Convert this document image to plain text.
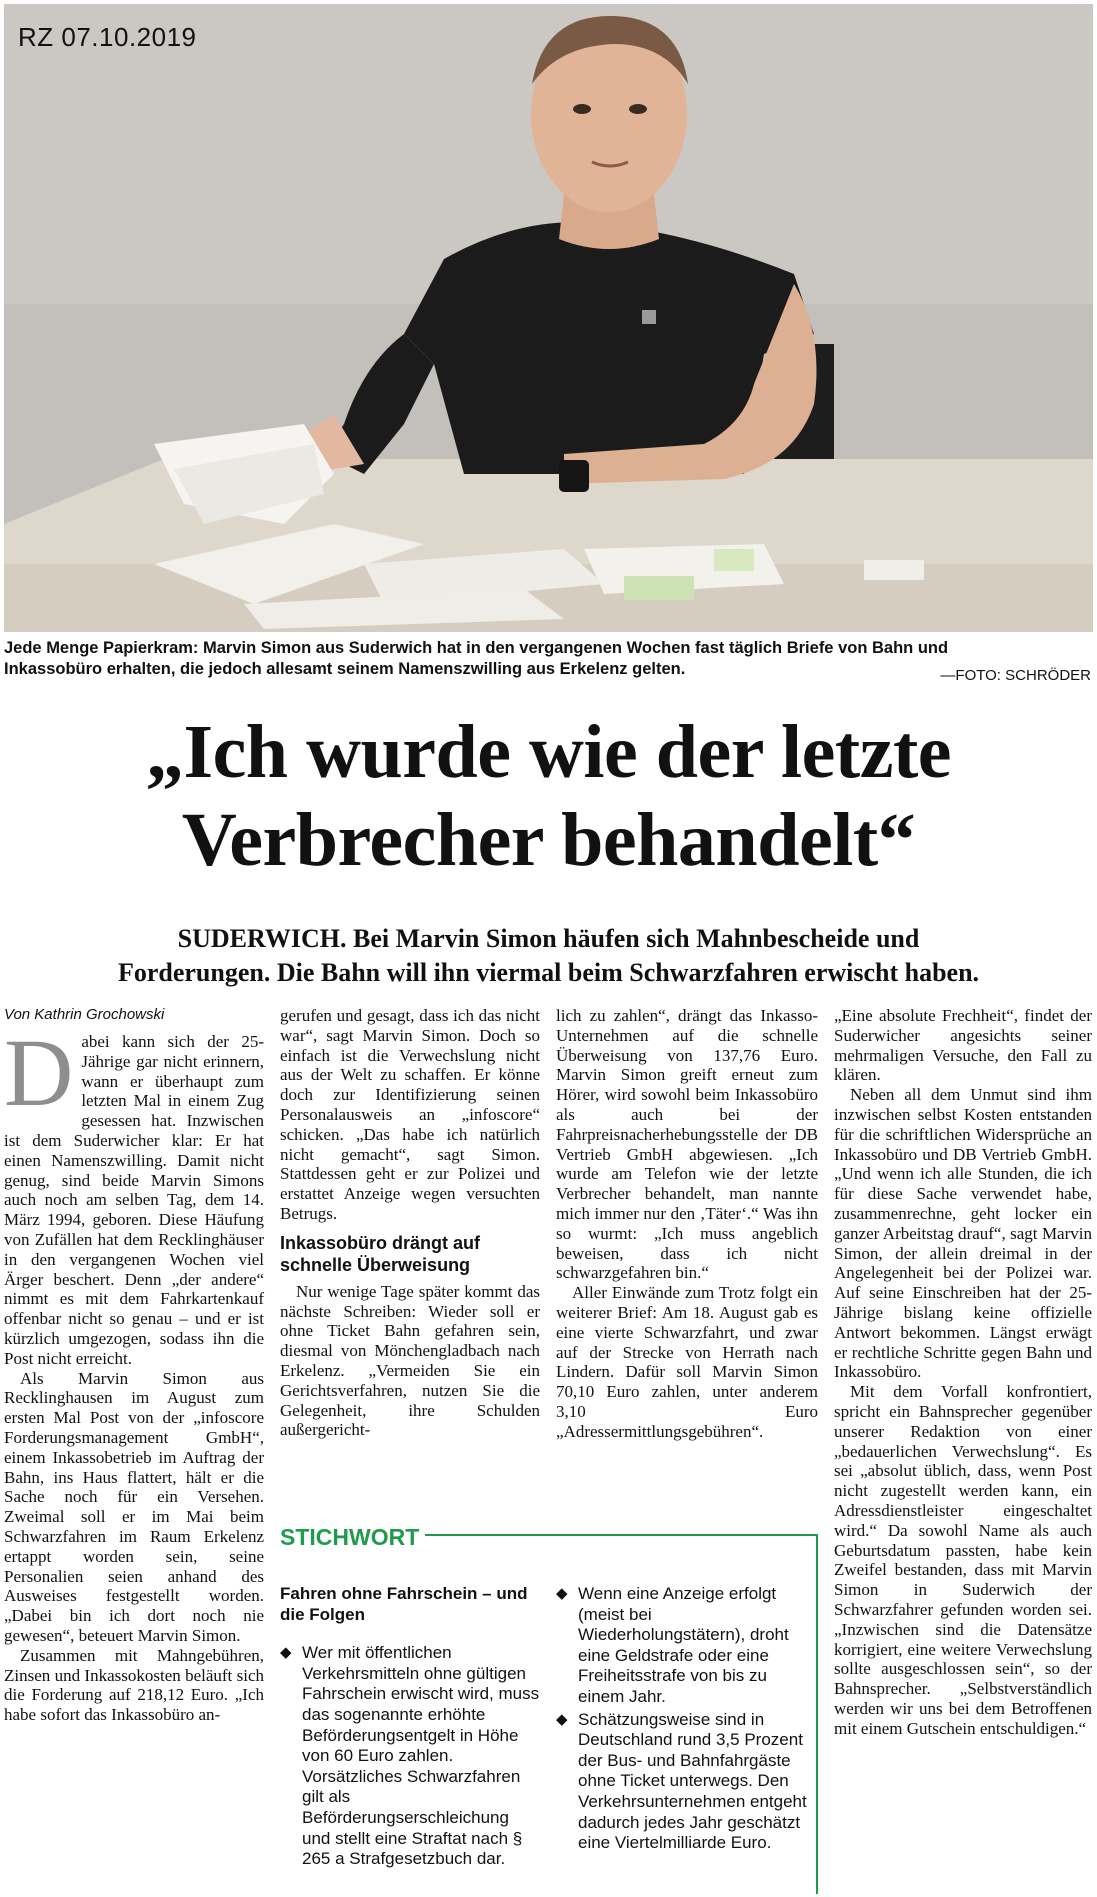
RZ 07.10.2019
Jede Menge Papierkram: Marvin Simon aus Suderwich hat in den vergangenen Wochen fast täglich Briefe von Bahn und
Inkassobüro erhalten, die jedoch allesamt seinem Namenszwilling aus Erkelenz gelten.	—FOTO: SCHRÖDER
„Ich wurde wie der letzte
Verbrecher behandelt“
SUDERWICH. Bei Marvin Simon häufen sich Mahnbescheide und
Forderungen. Die Bahn will ihn viermal beim Schwarzfahren erwischt haben.
Von Kathrin Grochowski
D abei kann sich der 25-Jährige gar nicht erinnern, wann er überhaupt zum letzten Mal in einem Zug gesessen hat. Inzwischen ist dem Suderwicher klar: Er hat einen Namenszwilling. Damit nicht genug, sind beide Marvin Simons auch noch am selben Tag, dem 14. März 1994, geboren. Diese Häufung von Zufällen hat dem Recklinghäuser in den vergangenen Wochen viel Ärger beschert. Denn „der andere“ nimmt es mit dem Fahrkartenkauf offenbar nicht so genau – und er ist kürzlich umgezogen, sodass ihn die Post nicht erreicht.

Als Marvin Simon aus Recklinghausen im August zum ersten Mal Post von der „infoscore Forderungsmanagement GmbH“, einem Inkassobetrieb im Auftrag der Bahn, ins Haus flattert, hält er die Sache noch für ein Versehen. Zweimal soll er im Mai beim Schwarzfahren im Raum Erkelenz ertappt worden sein, seine Personalien seien anhand des Ausweises festgestellt worden. „Dabei bin ich dort noch nie gewesen“, beteuert Marvin Simon.

Zusammen mit Mahngebühren, Zinsen und Inkassokosten beläuft sich die Forderung auf 218,12 Euro. „Ich habe sofort das Inkassobüro an-

gerufen und gesagt, dass ich das nicht war“, sagt Marvin Simon. Doch so einfach ist die Verwechslung nicht aus der Welt zu schaffen. Er könne doch zur Identifizierung seinen Personalausweis an „infoscore“ schicken. „Das habe ich natürlich nicht gemacht“, sagt Simon. Stattdessen geht er zur Polizei und erstattet Anzeige wegen versuchten Betrugs.

Inkassobüro drängt auf schnelle Überweisung

Nur wenige Tage später kommt das nächste Schreiben: Wieder soll er ohne Ticket Bahn gefahren sein, diesmal von Mönchengladbach nach Erkelenz. „Vermeiden Sie ein Gerichtsverfahren, nutzen Sie die Gelegenheit, ihre Schulden außergericht-

lich zu zahlen“, drängt das Inkasso-Unternehmen auf die schnelle Überweisung von 137,76 Euro. Marvin Simon greift erneut zum Hörer, wird sowohl beim Inkassobüro als auch bei der Fahrpreisnacherhebungsstelle der DB Vertrieb GmbH abgewiesen. „Ich wurde am Telefon wie der letzte Verbrecher behandelt, man nannte mich immer nur den ‚Täter‘.“ Was ihn so wurmt: „Ich muss angeblich beweisen, dass ich nicht schwarzgefahren bin.“

Aller Einwände zum Trotz folgt ein weiterer Brief: Am 18. August gab es eine vierte Schwarzfahrt, und zwar auf der Strecke von Herrath nach Lindern. Dafür soll Marvin Simon 70,10 Euro zahlen, unter anderem 3,10 Euro „Adressermittlungsgebühren“.

„Eine absolute Frechheit“, findet der Suderwicher angesichts seiner mehrmaligen Versuche, den Fall zu klären.

Neben all dem Unmut sind ihm inzwischen selbst Kosten entstanden für die schriftlichen Widersprüche an Inkassobüro und DB Vertrieb GmbH. „Und wenn ich alle Stunden, die ich für diese Sache verwendet habe, zusammenrechne, geht locker ein ganzer Arbeitstag drauf“, sagt Marvin Simon, der allein dreimal in der Angelegenheit bei der Polizei war. Auf seine Einschreiben hat der 25-Jährige bislang keine offizielle Antwort bekommen. Längst erwägt er rechtliche Schritte gegen Bahn und Inkassobüro.

Mit dem Vorfall konfrontiert, spricht ein Bahnsprecher gegenüber unserer Redaktion von einer „bedauerlichen Verwechslung“. Es sei „absolut üblich, dass, wenn Post nicht zugestellt werden kann, ein Adressdienstleister eingeschaltet wird.“ Da sowohl Name als auch Geburtsdatum passten, habe kein Zweifel bestanden, dass mit Marvin Simon in Suderwich der Schwarzfahrer gefunden worden sei. „Inzwischen sind die Datensätze korrigiert, eine weitere Verwechslung sollte ausgeschlossen sein“, so der Bahnsprecher. „Selbstverständlich werden wir uns bei dem Betroffenen mit einem Gutschein entschuldigen.“

STICHWORT
Fahren ohne Fahrschein – und die Folgen
◆ Wer mit öffentlichen Verkehrsmitteln ohne gültigen Fahrschein erwischt wird, muss das sogenannte erhöhte Beförderungsentgelt in Höhe von 60 Euro zahlen. Vorsätzliches Schwarzfahren gilt als Beförderungserschleichung und stellt eine Straftat nach § 265 a Strafgesetzbuch dar.
◆ Wenn eine Anzeige erfolgt (meist bei Wiederholungstätern), droht eine Geldstrafe oder eine Freiheitsstrafe von bis zu einem Jahr.
◆ Schätzungsweise sind in Deutschland rund 3,5 Prozent der Bus- und Bahnfahrgäste ohne Ticket unterwegs. Den Verkehrsunternehmen entgeht dadurch jedes Jahr geschätzt eine Viertelmilliarde Euro.
